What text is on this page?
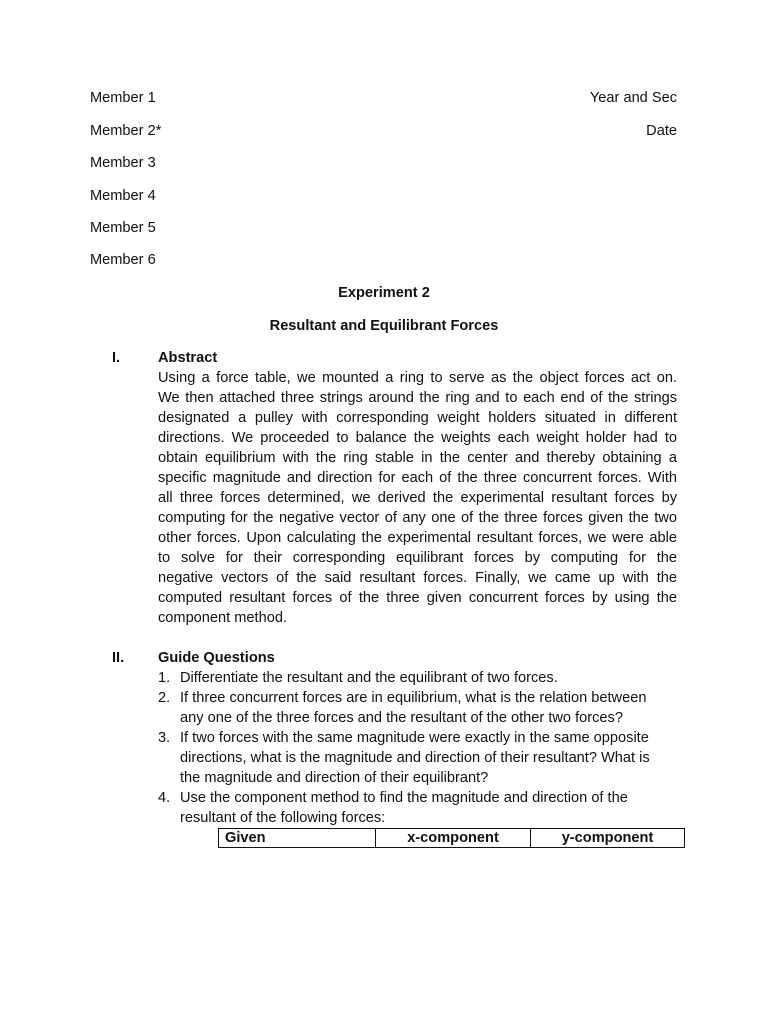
Member 1
Member 2*
Member 3
Member 4
Member 5
Member 6
Year and Sec
Date
Experiment 2
Resultant and Equilibrant Forces
I.	Abstract
Using a force table, we mounted a ring to serve as the object forces act on.
We then attached three strings around the ring and to each end of the strings
designated a pulley with corresponding weight holders situated in different
directions. We proceeded to balance the weights each weight holder had to
obtain equilibrium with the ring stable in the center and thereby obtaining a
specific magnitude and direction for each of the three concurrent forces. With
all three forces determined, we derived the experimental resultant forces by
computing for the negative vector of any one of the three forces given the two
other forces. Upon calculating the experimental resultant forces, we were able
to solve for their corresponding equilibrant forces by computing for the
negative vectors of the said resultant forces. Finally, we came up with the
computed resultant forces of the three given concurrent forces by using the
component method.
II. Guide Questions
1. Differentiate the resultant and the equilibrant of two forces.
2. If three concurrent forces are in equilibrium, what is the relation between
any one of the three forces and the resultant of the other two forces?
3. If two forces with the same magnitude were exactly in the same opposite
directions, what is the magnitude and direction of their resultant? What is
the magnitude and direction of their equilibrant?
4. Use the component method to find the magnitude and direction of the
resultant of the following forces:
Given	x-component	y-component
